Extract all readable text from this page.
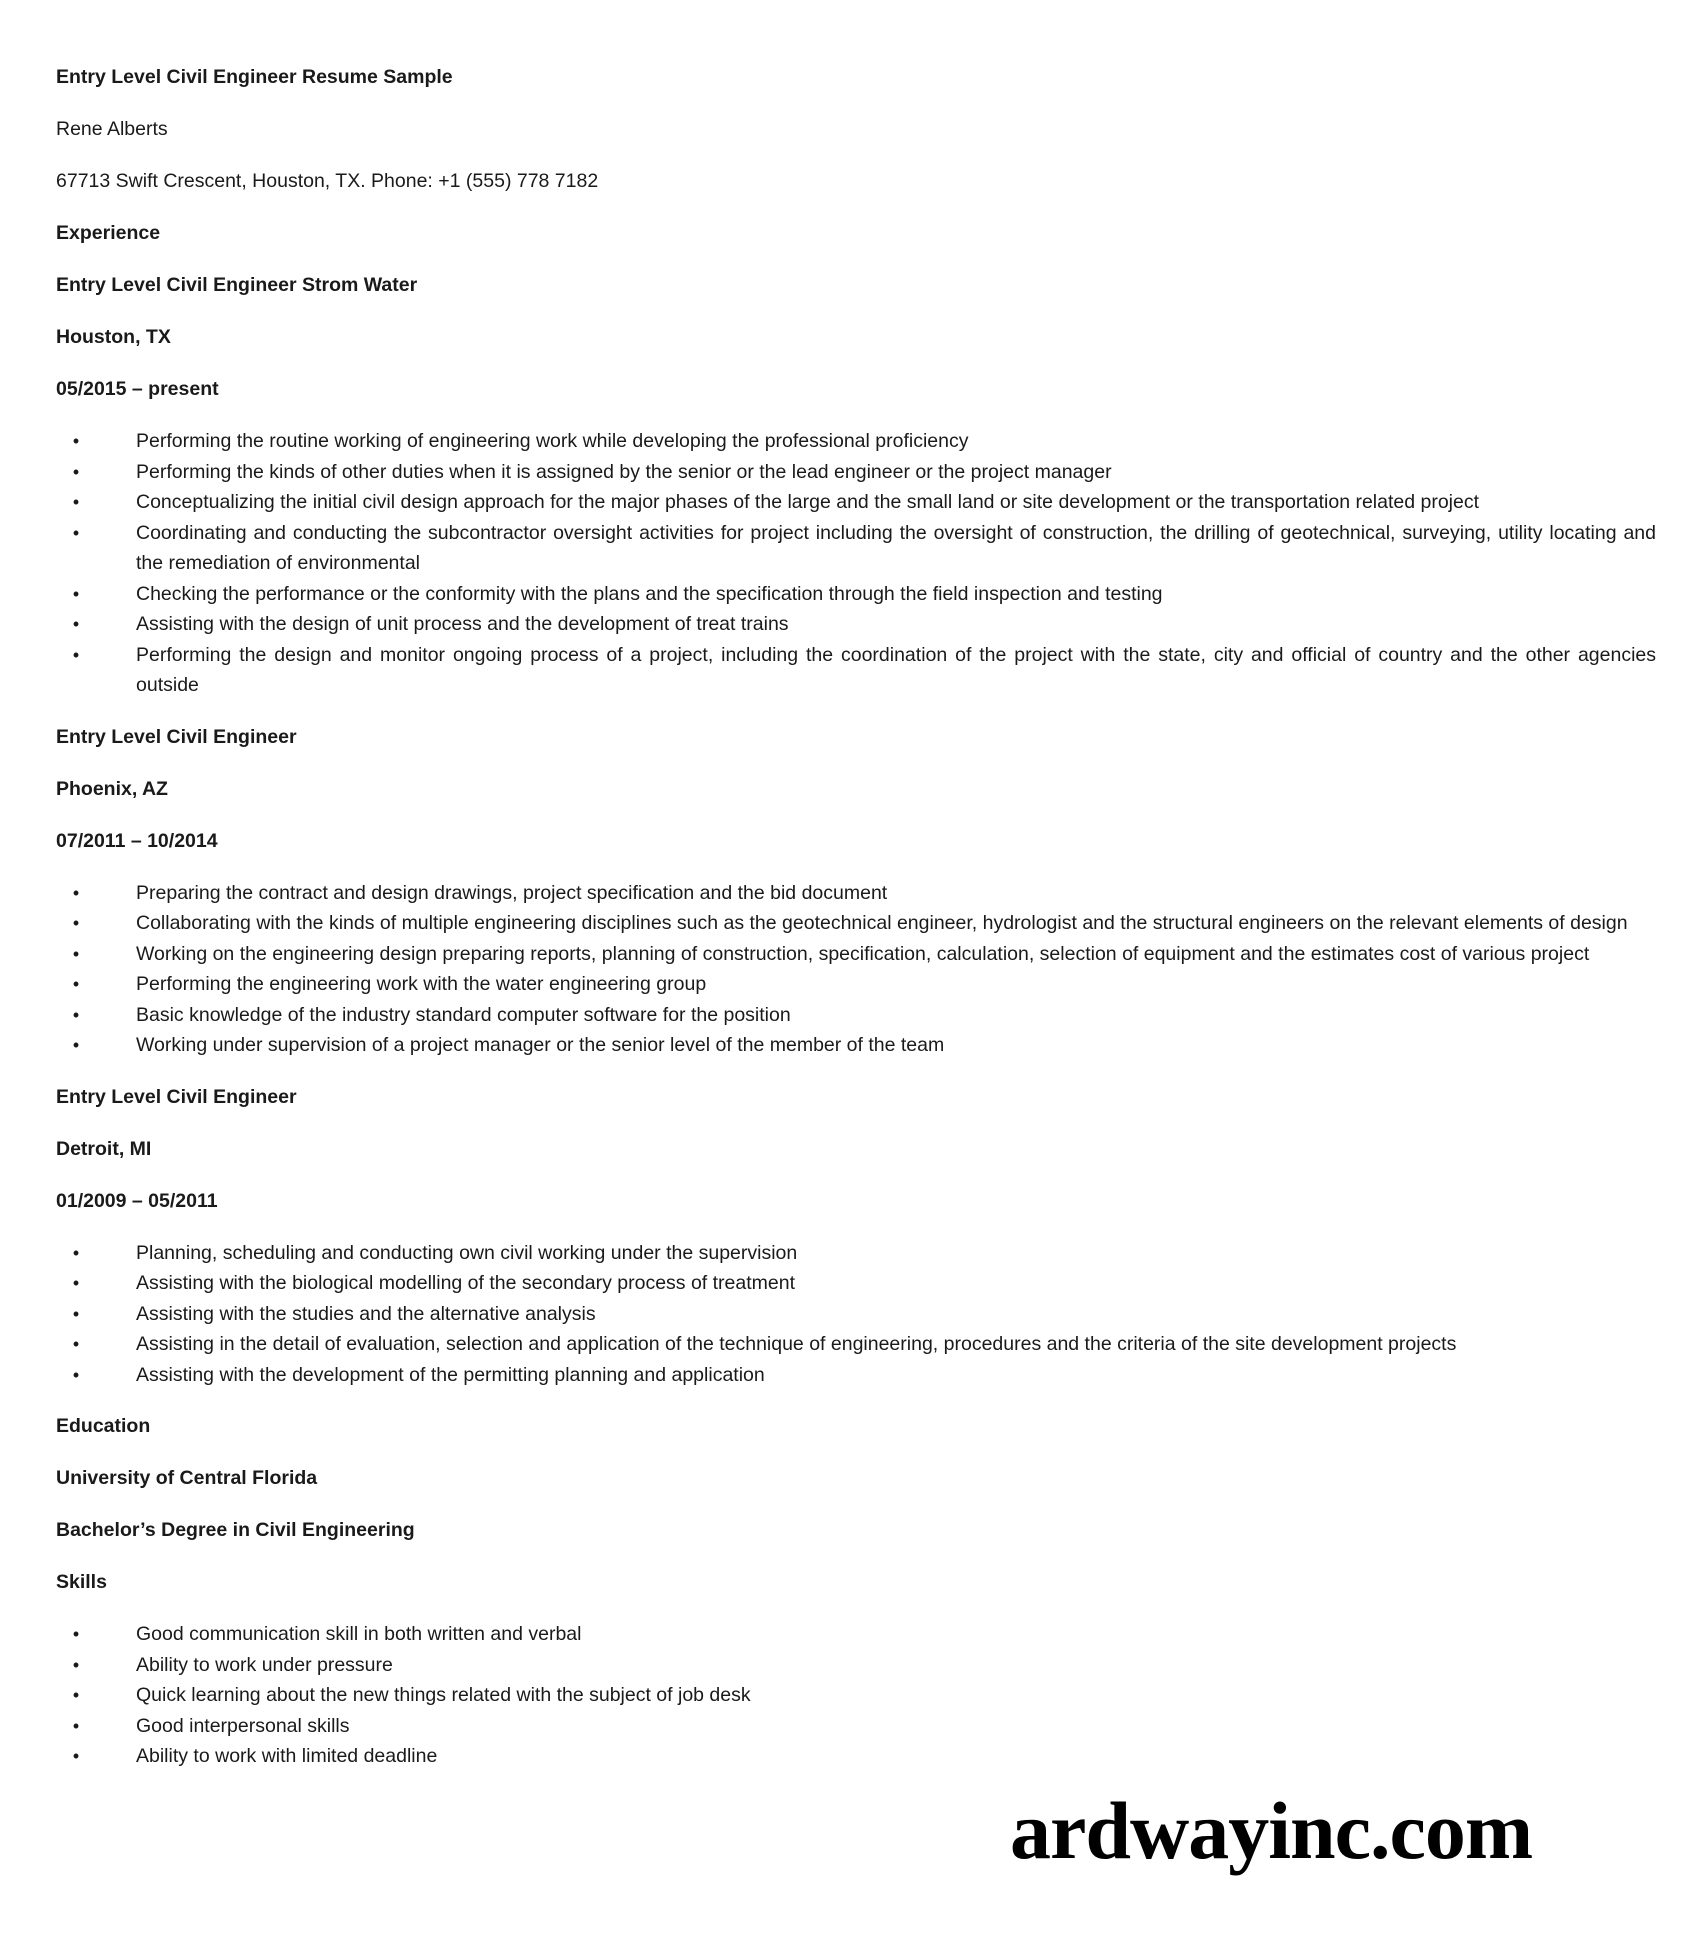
Entry Level Civil Engineer Resume Sample

Rene Alberts

67713 Swift Crescent, Houston, TX. Phone: +1 (555) 778 7182

Experience

Entry Level Civil Engineer Strom Water

Houston, TX

05/2015 – present

•	Performing the routine working of engineering work while developing the professional proficiency
•	Performing the kinds of other duties when it is assigned by the senior or the lead engineer or the project manager
•	Conceptualizing the initial civil design approach for the major phases of the large and the small land or site development or the transportation related project
•	Coordinating and conducting the subcontractor oversight activities for project including the oversight of construction, the drilling of geotechnical, surveying, utility locating and the remediation of environmental
•	Checking the performance or the conformity with the plans and the specification through the field inspection and testing
•	Assisting with the design of unit process and the development of treat trains
•	Performing the design and monitor ongoing process of a project, including the coordination of the project with the state, city and official of country and the other agencies outside

Entry Level Civil Engineer

Phoenix, AZ

07/2011 – 10/2014

•	Preparing the contract and design drawings, project specification and the bid document
•	Collaborating with the kinds of multiple engineering disciplines such as the geotechnical engineer, hydrologist and the structural engineers on the relevant elements of design
•	Working on the engineering design preparing reports, planning of construction, specification, calculation, selection of equipment and the estimates cost of various project
•	Performing the engineering work with the water engineering group
•	Basic knowledge of the industry standard computer software for the position
•	Working under supervision of a project manager or the senior level of the member of the team

Entry Level Civil Engineer

Detroit, MI

01/2009 – 05/2011

•	Planning, scheduling and conducting own civil working under the supervision
•	Assisting with the biological modelling of the secondary process of treatment
•	Assisting with the studies and the alternative analysis
•	Assisting in the detail of evaluation, selection and application of the technique of engineering, procedures and the criteria of the site development projects
•	Assisting with the development of the permitting planning and application

Education

University of Central Florida

Bachelor’s Degree in Civil Engineering

Skills

•	Good communication skill in both written and verbal
•	Ability to work under pressure
•	Quick learning about the new things related with the subject of job desk
•	Good interpersonal skills
•	Ability to work with limited deadline
ardwayinc.com
